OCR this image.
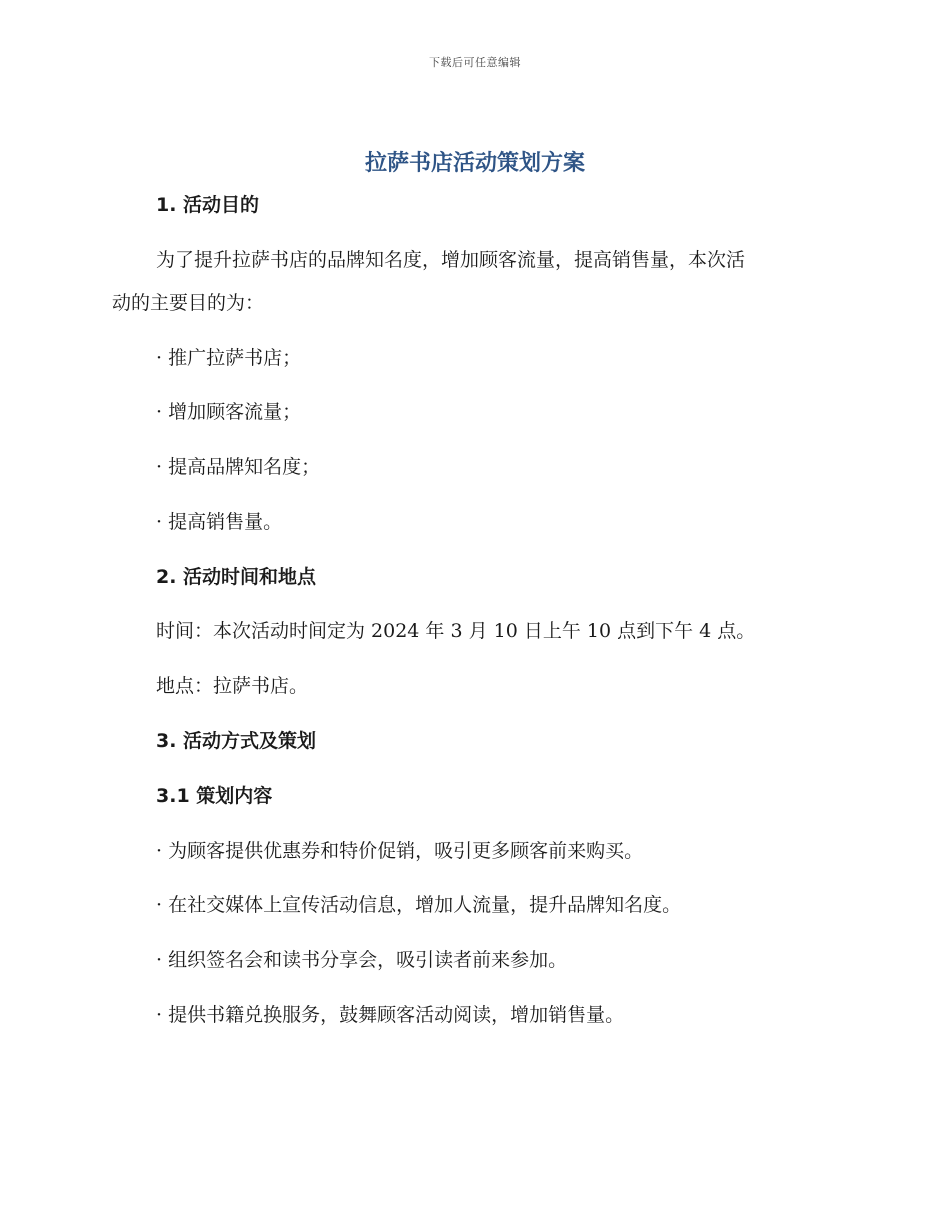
下载后可任意编辑
拉萨书店活动策划方案
1. 活动目的
为了提升拉萨书店的品牌知名度，增加顾客流量，提高销售量，本次活
动的主要目的为：
· 推广拉萨书店；
· 增加顾客流量；
· 提高品牌知名度；
· 提高销售量。
2. 活动时间和地点
时间：本次活动时间定为 2024 年 3 月 10 日上午 10 点到下午 4 点。
地点：拉萨书店。
3. 活动方式及策划
3.1 策划内容
· 为顾客提供优惠券和特价促销，吸引更多顾客前来购买。
· 在社交媒体上宣传活动信息，增加人流量，提升品牌知名度。
· 组织签名会和读书分享会，吸引读者前来参加。
· 提供书籍兑换服务，鼓舞顾客活动阅读，增加销售量。
